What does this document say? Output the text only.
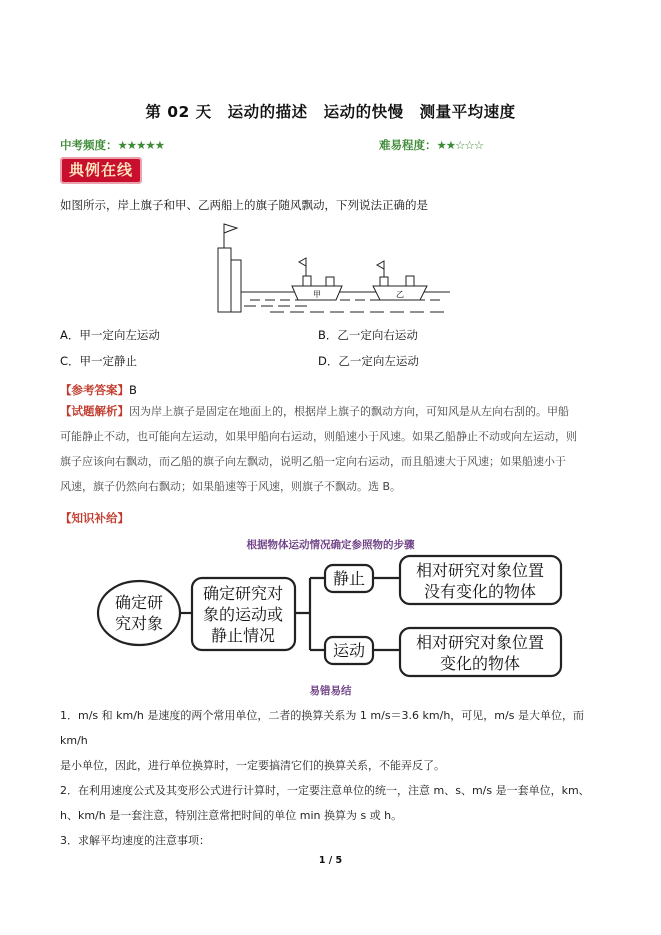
第 02 天　运动的描述　运动的快慢　测量平均速度
中考频度：★★★★★	难易程度：★★☆☆☆
典例在线
如图所示，岸上旗子和甲、乙两船上的旗子随风飘动，下列说法正确的是
甲	乙
A．甲一定向左运动	B．乙一定向右运动
C．甲一定静止	D．乙一定向左运动
【参考答案】B
【试题解析】因为岸上旗子是固定在地面上的，根据岸上旗子的飘动方向，可知风是从左向右刮的。甲船
可能静止不动，也可能向左运动，如果甲船向右运动，则船速小于风速。如果乙船静止不动或向左运动，则
旗子应该向右飘动，而乙船的旗子向左飘动，说明乙船一定向右运动，而且船速大于风速；如果船速小于
风速，旗子仍然向右飘动；如果船速等于风速，则旗子不飘动。选 B。
【知识补给】
根据物体运动情况确定参照物的步骤
确定研
究对象
确定研究对
象的运动或
静止情况
静止
运动
相对研究对象位置
没有变化的物体
相对研究对象位置
变化的物体
易错易结
1．m/s 和 km/h 是速度的两个常用单位，二者的换算关系为 1 m/s＝3.6 km/h，可见，m/s 是大单位，而 km/h
是小单位，因此，进行单位换算时，一定要搞清它们的换算关系，不能弄反了。
2．在利用速度公式及其变形公式进行计算时，一定要注意单位的统一，注意 m、s、m/s 是一套单位，km、
h、km/h 是一套注意，特别注意常把时间的单位 min 换算为 s 或 h。
3．求解平均速度的注意事项：
1 / 5
